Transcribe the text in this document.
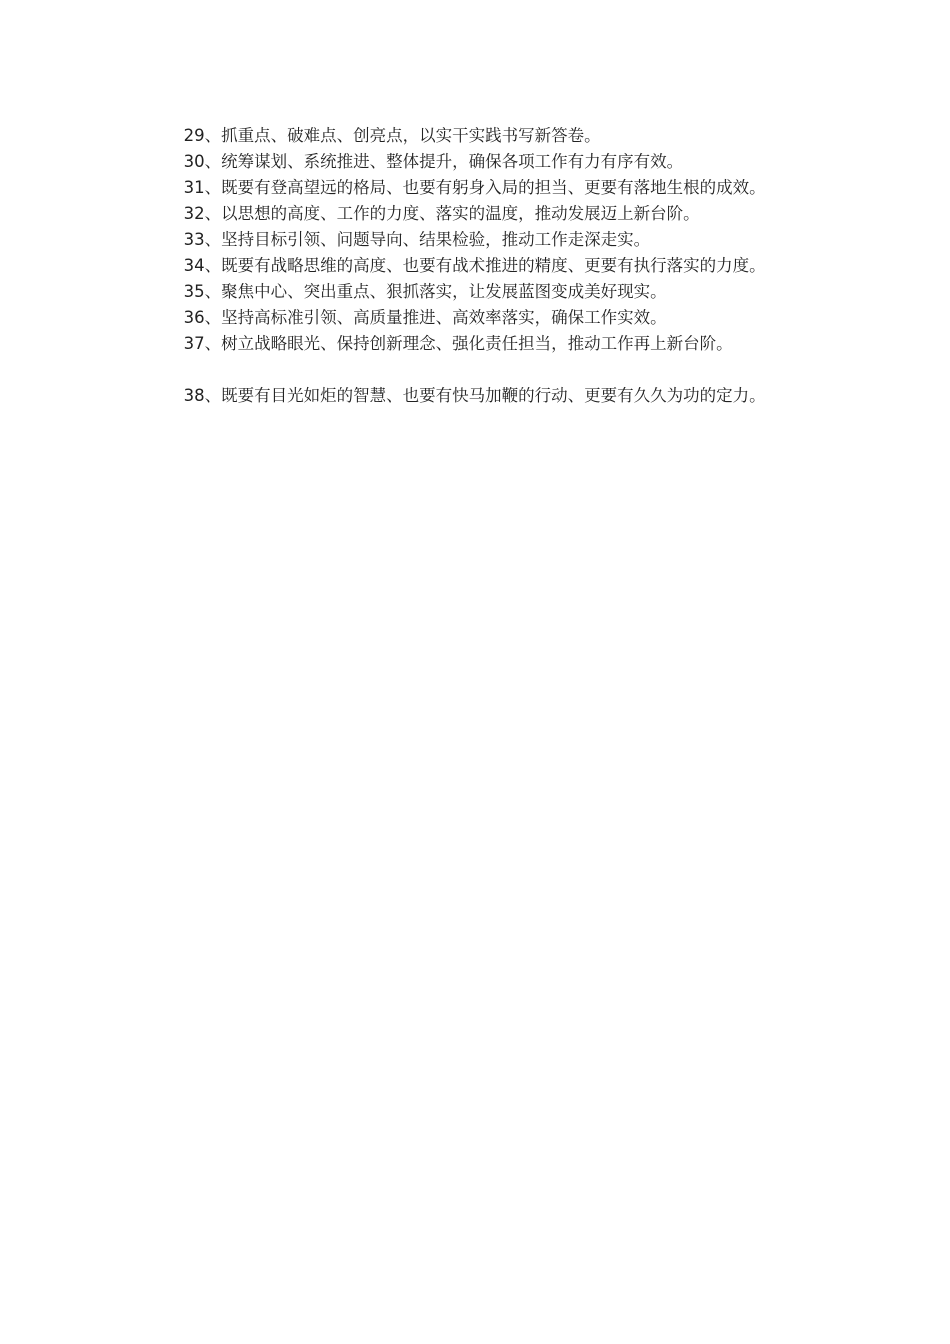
29、抓重点、破难点、创亮点，以实干实践书写新答卷。

30、统筹谋划、系统推进、整体提升，确保各项工作有力有序有效。

31、既要有登高望远的格局、也要有躬身入局的担当、更要有落地生根的成效。

32、以思想的高度、工作的力度、落实的温度，推动发展迈上新台阶。

33、坚持目标引领、问题导向、结果检验，推动工作走深走实。

34、既要有战略思维的高度、也要有战术推进的精度、更要有执行落实的力度。

35、聚焦中心、突出重点、狠抓落实，让发展蓝图变成美好现实。

36、坚持高标准引领、高质量推进、高效率落实，确保工作实效。

37、树立战略眼光、保持创新理念、强化责任担当，推动工作再上新台阶。

38、既要有目光如炬的智慧、也要有快马加鞭的行动、更要有久久为功的定力。
